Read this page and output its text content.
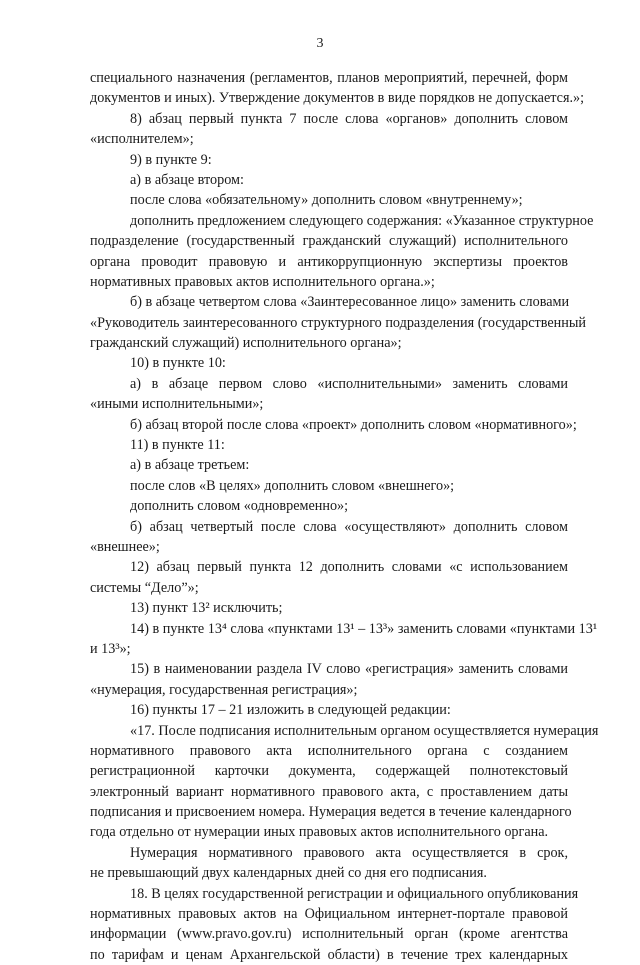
3
специального назначения (регламентов, планов мероприятий, перечней, форм
документов и иных). Утверждение документов в виде порядков не допускается.»;
8) абзац первый пункта 7 после слова «органов» дополнить словом
«исполнителем»;
9) в пункте 9:
а) в абзаце втором:
после слова «обязательному» дополнить словом «внутреннему»;
дополнить предложением следующего содержания: «Указанное структурное
подразделение (государственный гражданский служащий) исполнительного
органа проводит правовую и антикоррупционную экспертизы проектов
нормативных правовых актов исполнительного органа.»;
б) в абзаце четвертом слова «Заинтересованное лицо» заменить словами
«Руководитель заинтересованного структурного подразделения (государственный
гражданский служащий) исполнительного органа»;
10) в пункте 10:
а) в абзаце первом слово «исполнительными» заменить словами
«иными исполнительными»;
б) абзац второй после слова «проект» дополнить словом «нормативного»;
11) в пункте 11:
а) в абзаце третьем:
после слов «В целях» дополнить словом «внешнего»;
дополнить словом «одновременно»;
б) абзац четвертый после слова «осуществляют» дополнить словом
«внешнее»;
12) абзац первый пункта 12 дополнить словами «с использованием
системы “Дело”»;
13) пункт 13² исключить;
14) в пункте 13⁴ слова «пунктами 13¹ – 13³» заменить словами «пунктами 13¹
и 13³»;
15) в наименовании раздела IV слово «регистрация» заменить словами
«нумерация, государственная регистрация»;
16) пункты 17 – 21 изложить в следующей редакции:
«17. После подписания исполнительным органом осуществляется нумерация
нормативного правового акта исполнительного органа с созданием
регистрационной карточки документа, содержащей полнотекстовый
электронный вариант нормативного правового акта, с проставлением даты
подписания и присвоением номера. Нумерация ведется в течение календарного
года отдельно от нумерации иных правовых актов исполнительного органа.
Нумерация нормативного правового акта осуществляется в срок,
не превышающий двух календарных дней со дня его подписания.
18. В целях государственной регистрации и официального опубликования
нормативных правовых актов на Официальном интернет-портале правовой
информации (www.pravo.gov.ru) исполнительный орган (кроме агентства
по тарифам и ценам Архангельской области) в течение трех календарных
